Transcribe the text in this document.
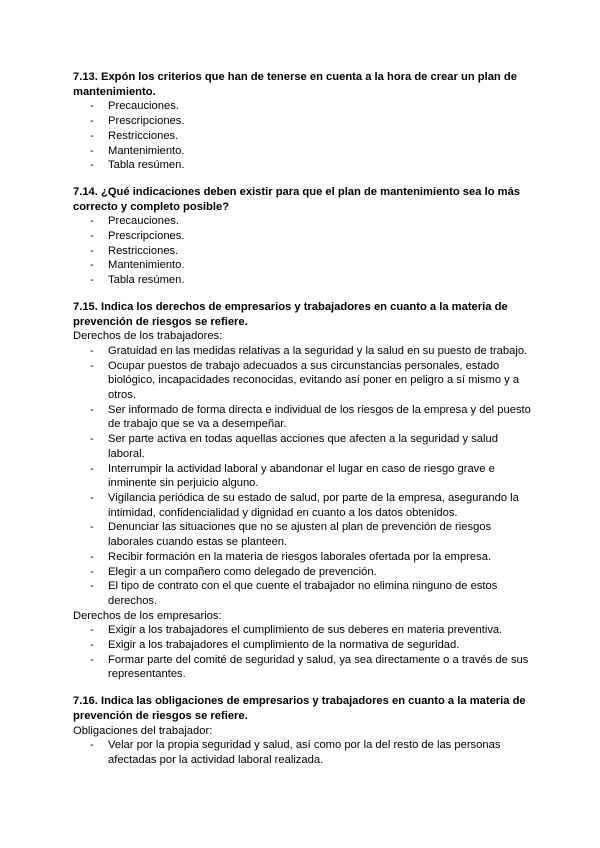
7.13. Expón los criterios que han de tenerse en cuenta a la hora de crear un plan de mantenimiento.

- Precauciones.
- Prescripciones.
- Restricciones.
- Mantenimiento.
- Tabla resúmen.

7.14. ¿Qué indicaciones deben existir para que el plan de mantenimiento sea lo más correcto y completo posible?

- Precauciones.
- Prescripciones.
- Restricciones.
- Mantenimiento.
- Tabla resúmen.

7.15. Indica los derechos de empresarios y trabajadores en cuanto a la materia de prevención de riesgos se refiere.

Derechos de los trabajadores:

- Gratuidad en las medidas relativas a la seguridad y la salud en su puesto de trabajo.
- Ocupar puestos de trabajo adecuados a sus circunstancias personales, estado biológico, incapacidades reconocidas, evitando así poner en peligro a sí mismo y a otros.
- Ser informado de forma directa e individual de los riesgos de la empresa y del puesto de trabajo que se va a desempeñar.
- Ser parte activa en todas aquellas acciones que afecten a la seguridad y salud laboral.
- Interrumpir la actividad laboral y abandonar el lugar en caso de riesgo grave e inminente sin perjuicio alguno.
- Vigilancia periódica de su estado de salud, por parte de la empresa, asegurando la intimidad, confidencialidad y dignidad en cuanto a los datos obtenidos.
- Denunciar las situaciones que no se ajusten al plan de prevención de riesgos laborales cuando estas se planteen.
- Recibir formación en la materia de riesgos laborales ofertada por la empresa.
- Elegir a un compañero como delegado de prevención.
- El tipo de contrato con el que cuente el trabajador no elimina ninguno de estos derechos.

Derechos de los empresarios:

- Exigir a los trabajadores el cumplimiento de sus deberes en materia preventiva.
- Exigir a los trabajadores el cumplimiento de la normativa de seguridad.
- Formar parte del comité de seguridad y salud, ya sea directamente o a través de sus representantes.

7.16. Indica las obligaciones de empresarios y trabajadores en cuanto a la materia de prevención de riesgos se refiere.

Obligaciones del trabajador:

- Velar por la propia seguridad y salud, así como por la del resto de las personas afectadas por la actividad laboral realizada.
